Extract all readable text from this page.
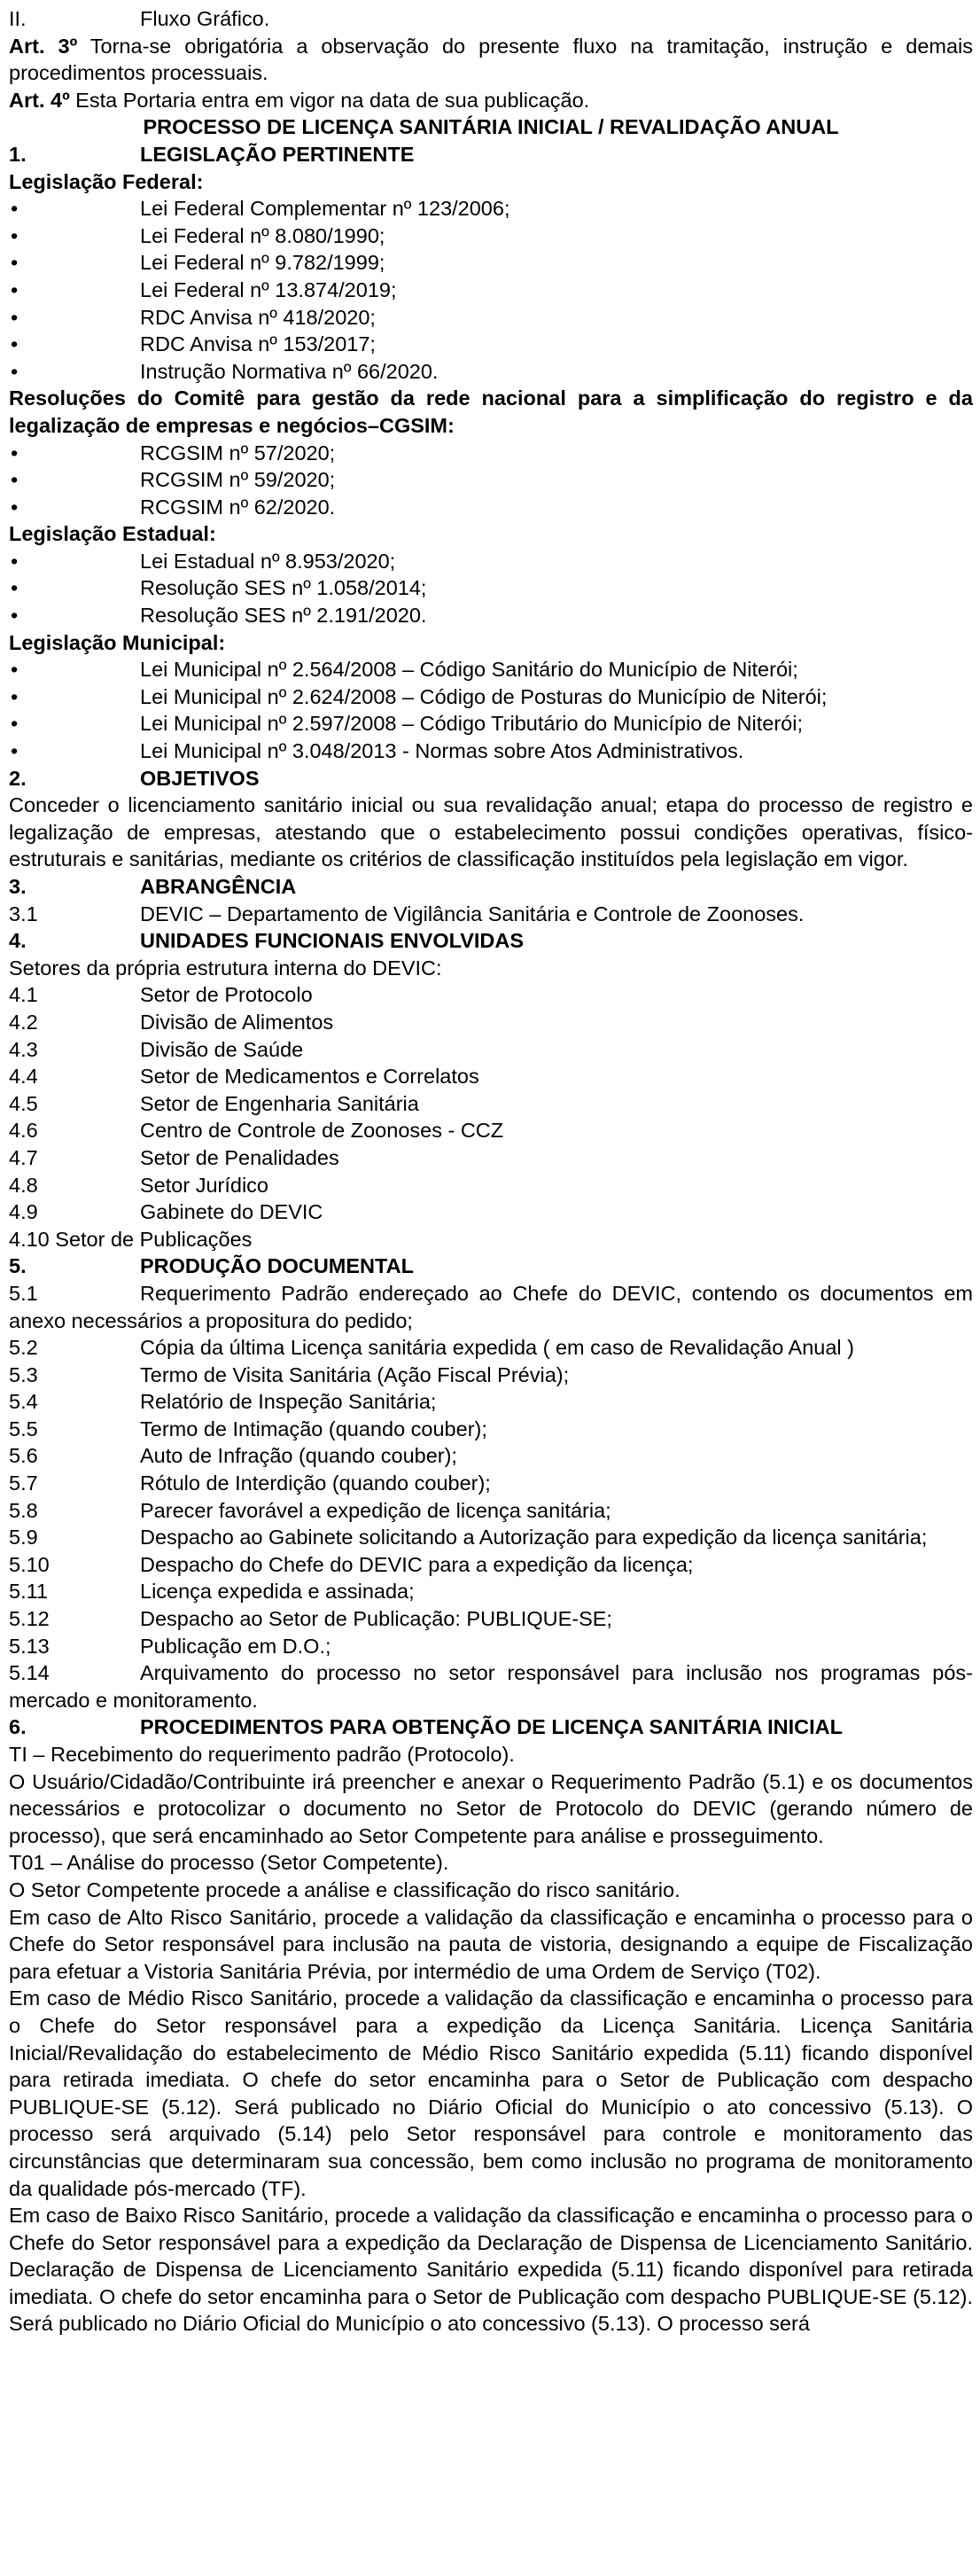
II.	Fluxo Gráfico.
Art. 3º Torna-se obrigatória a observação do presente fluxo na tramitação, instrução e demais procedimentos processuais.
Art. 4º Esta Portaria entra em vigor na data de sua publicação.
PROCESSO DE LICENÇA SANITÁRIA INICIAL / REVALIDAÇÃO ANUAL
1.	LEGISLAÇÃO PERTINENTE
Legislação Federal:
•	Lei Federal Complementar nº 123/2006;
•	Lei Federal nº 8.080/1990;
•	Lei Federal nº 9.782/1999;
•	Lei Federal nº 13.874/2019;
•	RDC Anvisa nº 418/2020;
•	RDC Anvisa nº 153/2017;
•	Instrução Normativa nº 66/2020.
Resoluções do Comitê para gestão da rede nacional para a simplificação do registro e da legalização de empresas e negócios–CGSIM:
•	RCGSIM nº 57/2020;
•	RCGSIM nº 59/2020;
•	RCGSIM nº 62/2020.
Legislação Estadual:
•	Lei Estadual nº 8.953/2020;
•	Resolução SES nº 1.058/2014;
•	Resolução SES nº 2.191/2020.
Legislação Municipal:
•	Lei Municipal nº 2.564/2008 – Código Sanitário do Município de Niterói;
•	Lei Municipal nº 2.624/2008 – Código de Posturas do Município de Niterói;
•	Lei Municipal nº 2.597/2008 – Código Tributário do Município de Niterói;
•	Lei Municipal nº 3.048/2013 - Normas sobre Atos Administrativos.
2.	OBJETIVOS
Conceder o licenciamento sanitário inicial ou sua revalidação anual; etapa do processo de registro e legalização de empresas, atestando que o estabelecimento possui condições operativas, físico-estruturais e sanitárias, mediante os critérios de classificação instituídos pela legislação em vigor.
3.	ABRANGÊNCIA
3.1	DEVIC – Departamento de Vigilância Sanitária e Controle de Zoonoses.
4.	UNIDADES FUNCIONAIS ENVOLVIDAS
Setores da própria estrutura interna do DEVIC:
4.1	Setor de Protocolo
4.2	Divisão de Alimentos
4.3	Divisão de Saúde
4.4	Setor de Medicamentos e Correlatos
4.5	Setor de Engenharia Sanitária
4.6	Centro de Controle de Zoonoses - CCZ
4.7	Setor de Penalidades
4.8	Setor Jurídico
4.9	Gabinete do DEVIC
4.10 Setor de Publicações
5.	PRODUÇÃO DOCUMENTAL
5.1	Requerimento Padrão endereçado ao Chefe do DEVIC, contendo os documentos em anexo necessários a propositura do pedido;
5.2	Cópia da última Licença sanitária expedida ( em caso de Revalidação Anual )
5.3	Termo de Visita Sanitária (Ação Fiscal Prévia);
5.4	Relatório de Inspeção Sanitária;
5.5	Termo de Intimação (quando couber);
5.6	Auto de Infração (quando couber);
5.7	Rótulo de Interdição (quando couber);
5.8	Parecer favorável a expedição de licença sanitária;
5.9	Despacho ao Gabinete solicitando a Autorização para expedição da licença sanitária;
5.10	Despacho do Chefe do DEVIC para a expedição da licença;
5.11	Licença expedida e assinada;
5.12	Despacho ao Setor de Publicação: PUBLIQUE-SE;
5.13	Publicação em D.O.;
5.14	Arquivamento do processo no setor responsável para inclusão nos programas pós-mercado e monitoramento.
6.	PROCEDIMENTOS PARA OBTENÇÃO DE LICENÇA SANITÁRIA INICIAL
TI – Recebimento do requerimento padrão (Protocolo).
O Usuário/Cidadão/Contribuinte irá preencher e anexar o Requerimento Padrão (5.1) e os documentos necessários e protocolizar o documento no Setor de Protocolo do DEVIC (gerando número de processo), que será encaminhado ao Setor Competente para análise e prosseguimento.
T01 – Análise do processo (Setor Competente).
O Setor Competente procede a análise e classificação do risco sanitário.
Em caso de Alto Risco Sanitário, procede a validação da classificação e encaminha o processo para o Chefe do Setor responsável para inclusão na pauta de vistoria, designando a equipe de Fiscalização para efetuar a Vistoria Sanitária Prévia, por intermédio de uma Ordem de Serviço (T02).
Em caso de Médio Risco Sanitário, procede a validação da classificação e encaminha o processo para o Chefe do Setor responsável para a expedição da Licença Sanitária. Licença Sanitária Inicial/Revalidação do estabelecimento de Médio Risco Sanitário expedida (5.11) ficando disponível para retirada imediata. O chefe do setor encaminha para o Setor de Publicação com despacho PUBLIQUE-SE (5.12). Será publicado no Diário Oficial do Município o ato concessivo (5.13). O processo será arquivado (5.14) pelo Setor responsável para controle e monitoramento das circunstâncias que determinaram sua concessão, bem como inclusão no programa de monitoramento da qualidade pós-mercado (TF).
Em caso de Baixo Risco Sanitário, procede a validação da classificação e encaminha o processo para o Chefe do Setor responsável para a expedição da Declaração de Dispensa de Licenciamento Sanitário. Declaração de Dispensa de Licenciamento Sanitário expedida (5.11) ficando disponível para retirada imediata. O chefe do setor encaminha para o Setor de Publicação com despacho PUBLIQUE-SE (5.12). Será publicado no Diário Oficial do Município o ato concessivo (5.13). O processo será
